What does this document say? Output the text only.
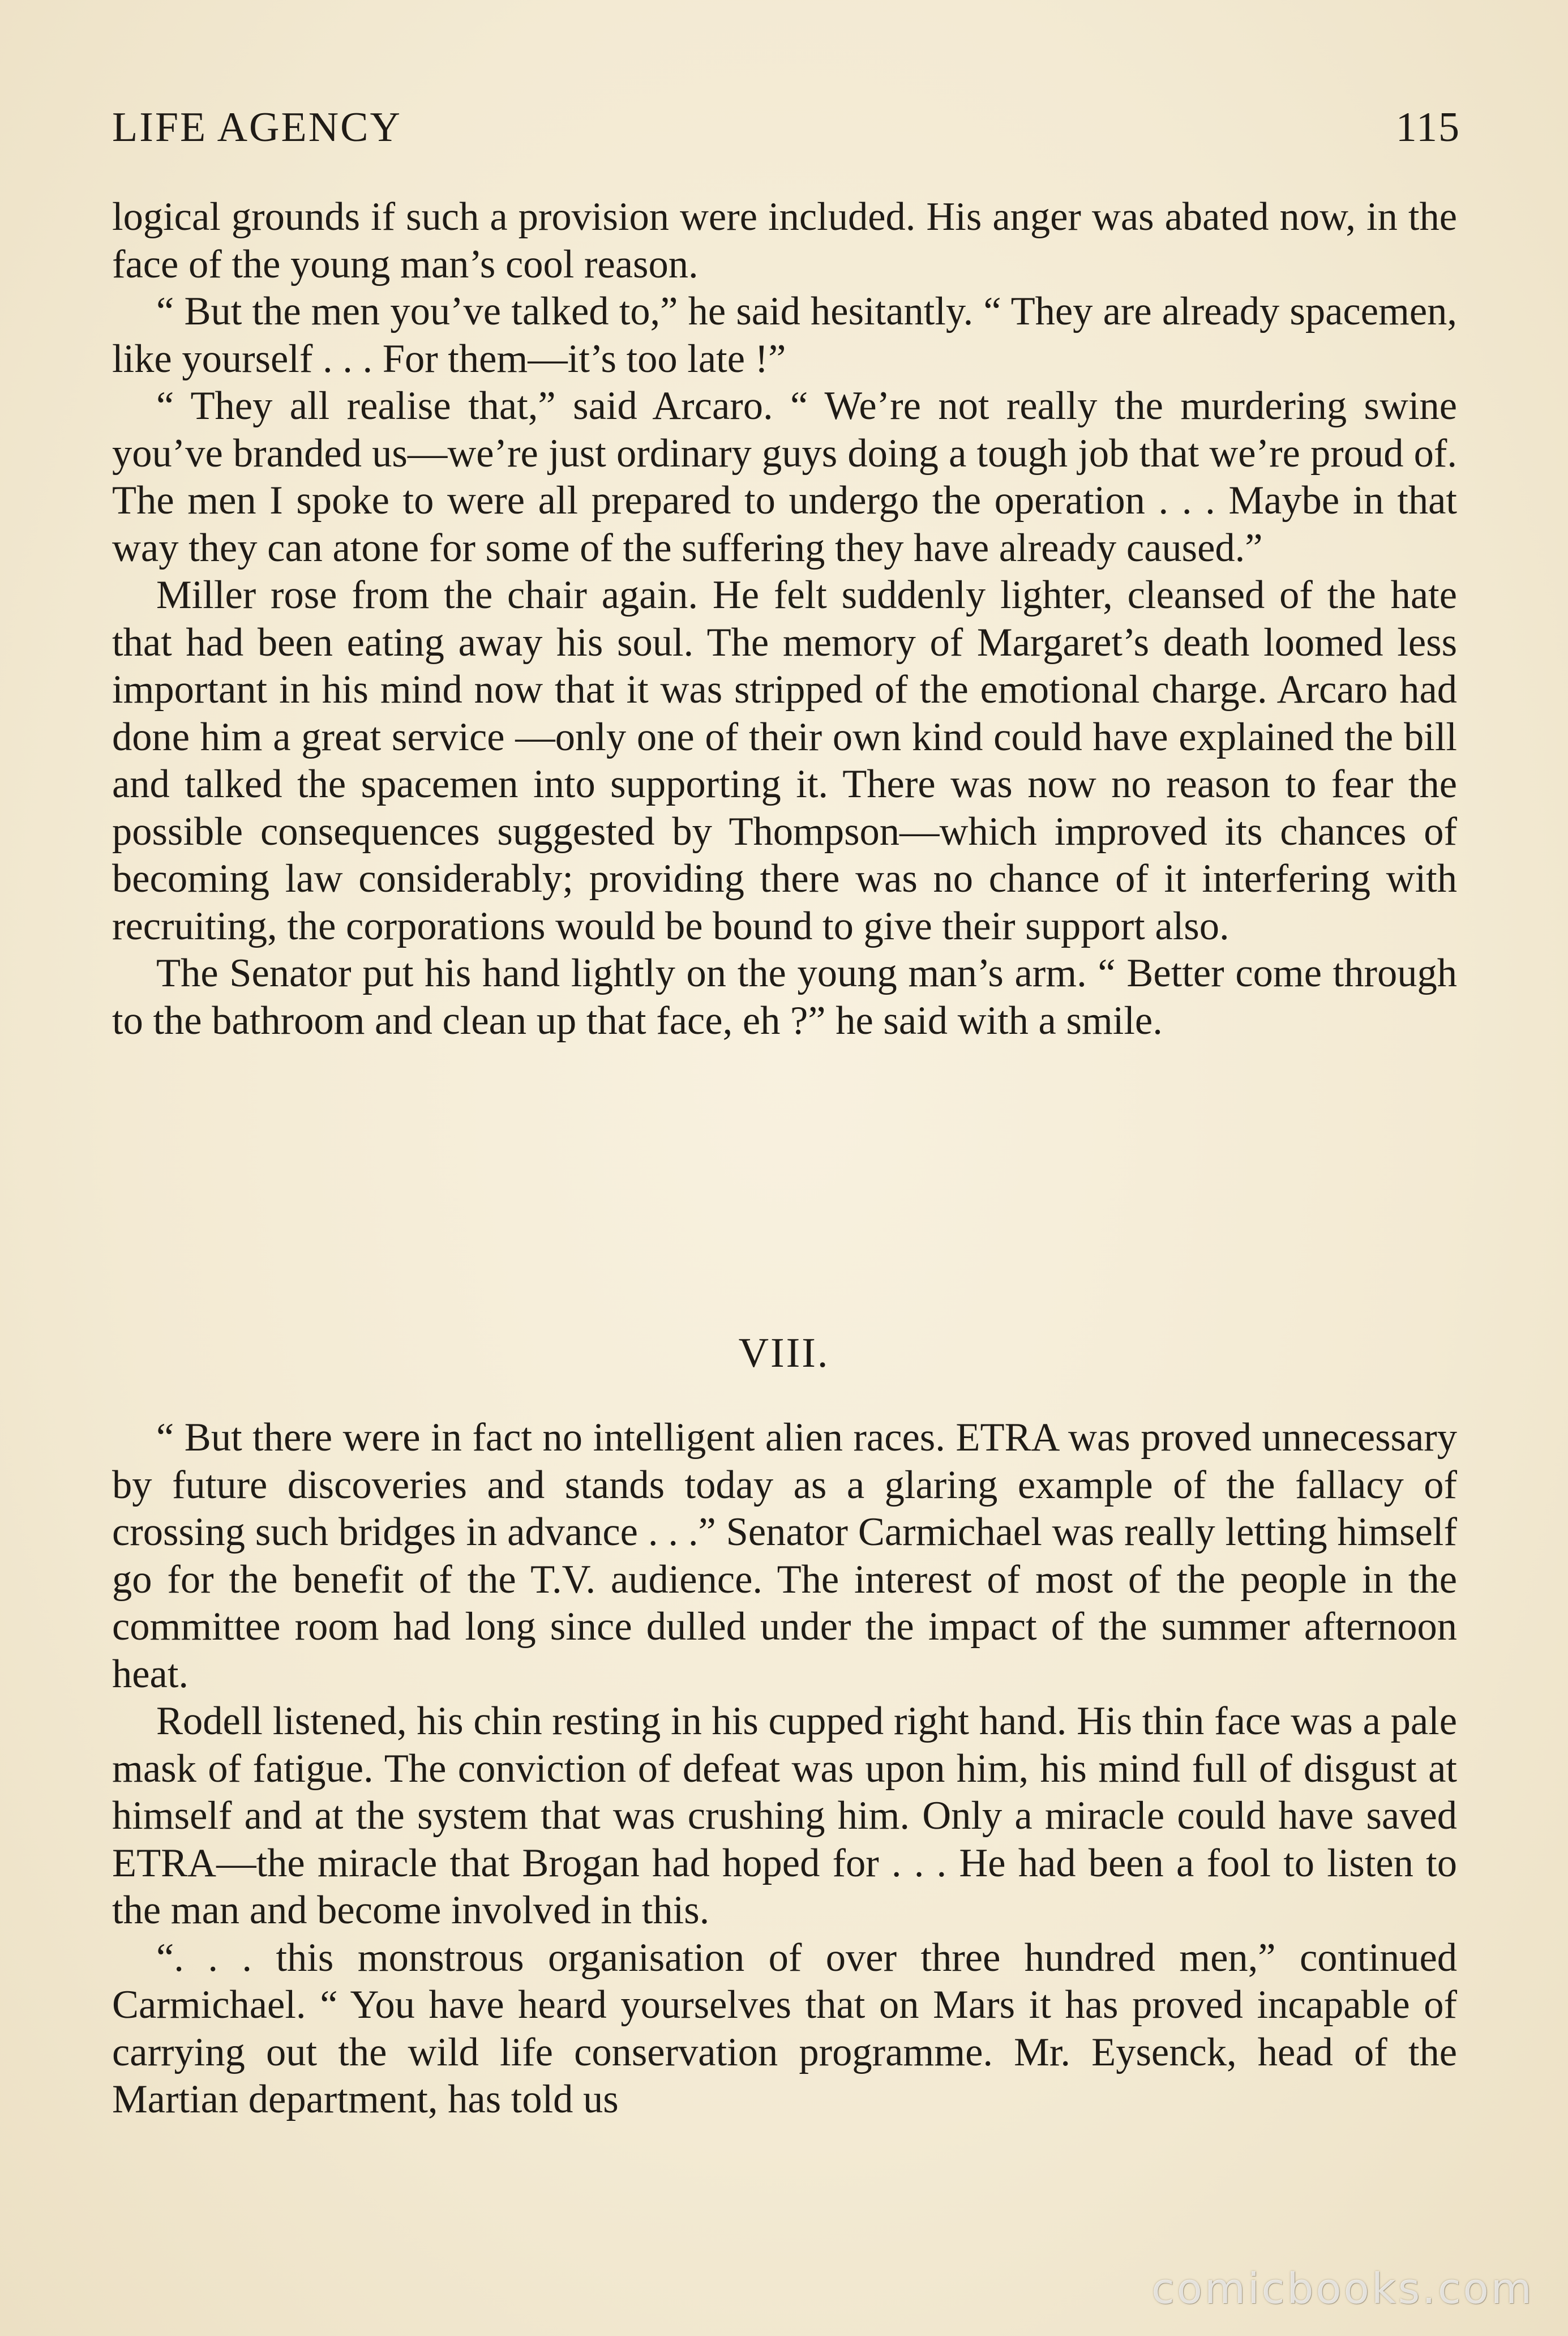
LIFE AGENCY	115

logical grounds if such a provision were included. His anger was abated now, in the face of the young man’s cool reason.

“ But the men you’ve talked to,” he said hesitantly. “ They are already spacemen, like yourself . . . For them—it’s too late !”

“ They all realise that,” said Arcaro. “ We’re not really the murdering swine you’ve branded us—we’re just ordinary guys doing a tough job that we’re proud of. The men I spoke to were all prepared to undergo the operation . . . Maybe in that way they can atone for some of the suffering they have already caused.”

Miller rose from the chair again. He felt suddenly lighter, cleansed of the hate that had been eating away his soul. The memory of Margaret’s death loomed less important in his mind now that it was stripped of the emotional charge. Arcaro had done him a great service —only one of their own kind could have explained the bill and talked the spacemen into supporting it. There was now no reason to fear the possible consequences suggested by Thompson—which improved its chances of becoming law considerably; providing there was no chance of it interfering with recruiting, the corporations would be bound to give their support also.

The Senator put his hand lightly on the young man’s arm. “ Better come through to the bathroom and clean up that face, eh ?” he said with a smile.

VIII.

“ But there were in fact no intelligent alien races. ETRA was proved unnecessary by future discoveries and stands today as a glaring example of the fallacy of crossing such bridges in advance . . .” Senator Carmichael was really letting himself go for the benefit of the T.V. audience. The interest of most of the people in the committee room had long since dulled under the impact of the summer afternoon heat.

Rodell listened, his chin resting in his cupped right hand. His thin face was a pale mask of fatigue. The conviction of defeat was upon him, his mind full of disgust at himself and at the system that was crushing him. Only a miracle could have saved ETRA—the miracle that Brogan had hoped for . . . He had been a fool to listen to the man and become involved in this.

“. . . this monstrous organisation of over three hundred men,” continued Carmichael. “ You have heard yourselves that on Mars it has proved incapable of carrying out the wild life conservation programme. Mr. Eysenck, head of the Martian department, has told us

comicbooks.com
